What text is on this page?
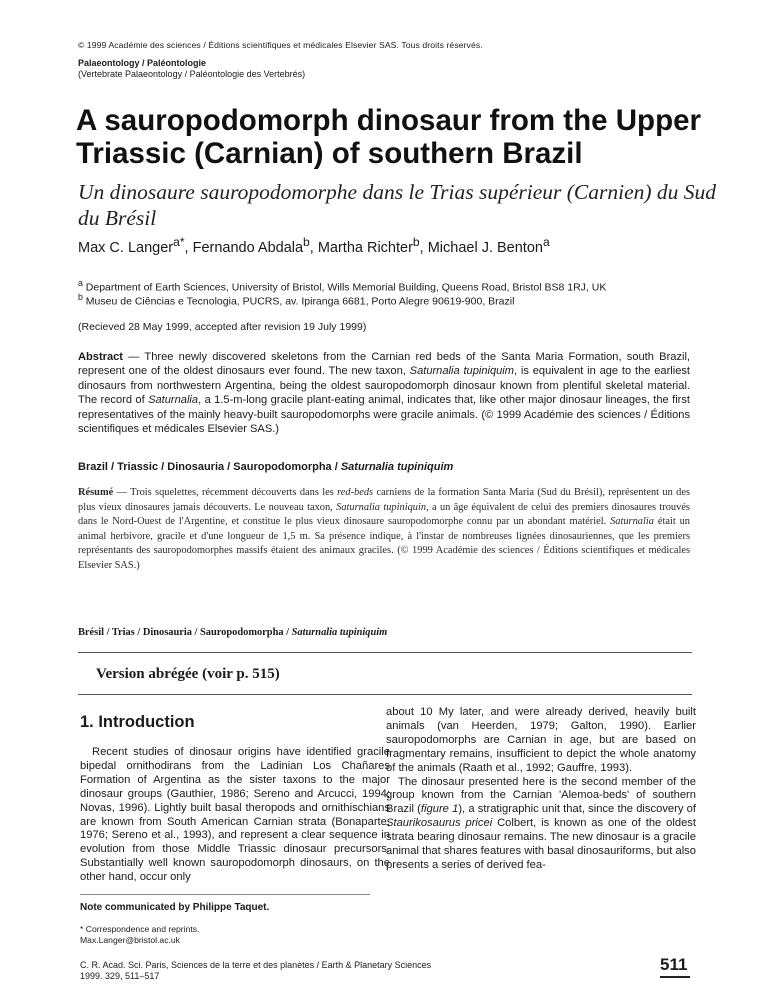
© 1999 Académie des sciences / Éditions scientifiques et médicales Elsevier SAS. Tous droits réservés.
Palaeontology / Paléontologie
(Vertebrate Palaeontology / Paléontologie des Vertebrés)
A sauropodomorph dinosaur from the Upper Triassic (Carnian) of southern Brazil
Un dinosaure sauropodomorphe dans le Trias supérieur (Carnien) du Sud du Brésil
Max C. Langer$^{a*}$, Fernando Abdala$^b$, Martha Richter$^b$, Michael J. Benton$^a$
$^a$ Department of Earth Sciences, University of Bristol, Wills Memorial Building, Queens Road, Bristol BS8 1RJ, UK
$^b$ Museu de Ciências e Tecnologia, PUCRS, av. Ipiranga 6681, Porto Alegre 90619-900, Brazil
(Recieved 28 May 1999, accepted after revision 19 July 1999)
Abstract — Three newly discovered skeletons from the Carnian red beds of the Santa Maria Formation, south Brazil, represent one of the oldest dinosaurs ever found. The new taxon, Saturnalia tupiniquim, is equivalent in age to the earliest dinosaurs from northwestern Argentina, being the oldest sauropodomorph dinosaur known from plentiful skeletal material. The record of Saturnalia, a 1.5-m-long gracile plant-eating animal, indicates that, like other major dinosaur lineages, the first representatives of the mainly heavy-built sauropodomorphs were gracile animals. (© 1999 Académie des sciences / Éditions scientifiques et médicales Elsevier SAS.)
Brazil / Triassic / Dinosauria / Sauropodomorpha / Saturnalia tupiniquim
Résumé — Trois squelettes, récemment découverts dans les red-beds carniens de la formation Santa Maria (Sud du Brésil), représentent un des plus vieux dinosaures jamais découverts. Le nouveau taxon, Saturnalia tupiniquin, a un âge équivalent de celui des premiers dinosaures trouvés dans le Nord-Ouest de l'Argentine, et constitue le plus vieux dinosaure sauropodomorphe connu par un abondant matériel. Saturnalia était un animal herbivore, gracile et d'une longueur de 1,5 m. Sa présence indique, à l'instar de nombreuses lignées dinosauriennes, que les premiers représentants des sauropodomorphes massifs étaient des animaux graciles. (© 1999 Académie des sciences / Éditions scientifiques et médicales Elsevier SAS.)
Brésil / Trias / Dinosauria / Sauropodomorpha / Saturnalia tupiniquim
Version abrégée (voir p. 515)
1. Introduction

Recent studies of dinosaur origins have identified gracile bipedal ornithodirans from the Ladinian Los Chañares Formation of Argentina as the sister taxons to the major dinosaur groups (Gauthier, 1986; Sereno and Arcucci, 1994; Novas, 1996). Lightly built basal theropods and ornithischians are known from South American Carnian strata (Bonaparte, 1976; Sereno et al., 1993), and represent a clear sequence in evolution from those Middle Triassic dinosaur precursors. Substantially well known sauropodomorph dinosaurs, on the other hand, occur only

about 10 My later, and were already derived, heavily built animals (van Heerden, 1979; Galton, 1990). Earlier sauropodomorphs are Carnian in age, but are based on fragmentary remains, insufficient to depict the whole anatomy of the animals (Raath et al., 1992; Gauffre, 1993).

The dinosaur presented here is the second member of the group known from the Carnian 'Alemoa-beds' of southern Brazil (figure 1), a stratigraphic unit that, since the discovery of Staurikosaurus pricei Colbert, is known as one of the oldest strata bearing dinosaur remains. The new dinosaur is a gracile animal that shares features with basal dinosauriforms, but also presents a series of derived fea-

Note communicated by Philippe Taquet.
* Correspondence and reprints.
Max.Langer@bristol.ac.uk
C. R. Acad. Sci. Paris, Sciences de la terre et des planètes / Earth & Planetary Sciences
1999. 329, 511–517
511
